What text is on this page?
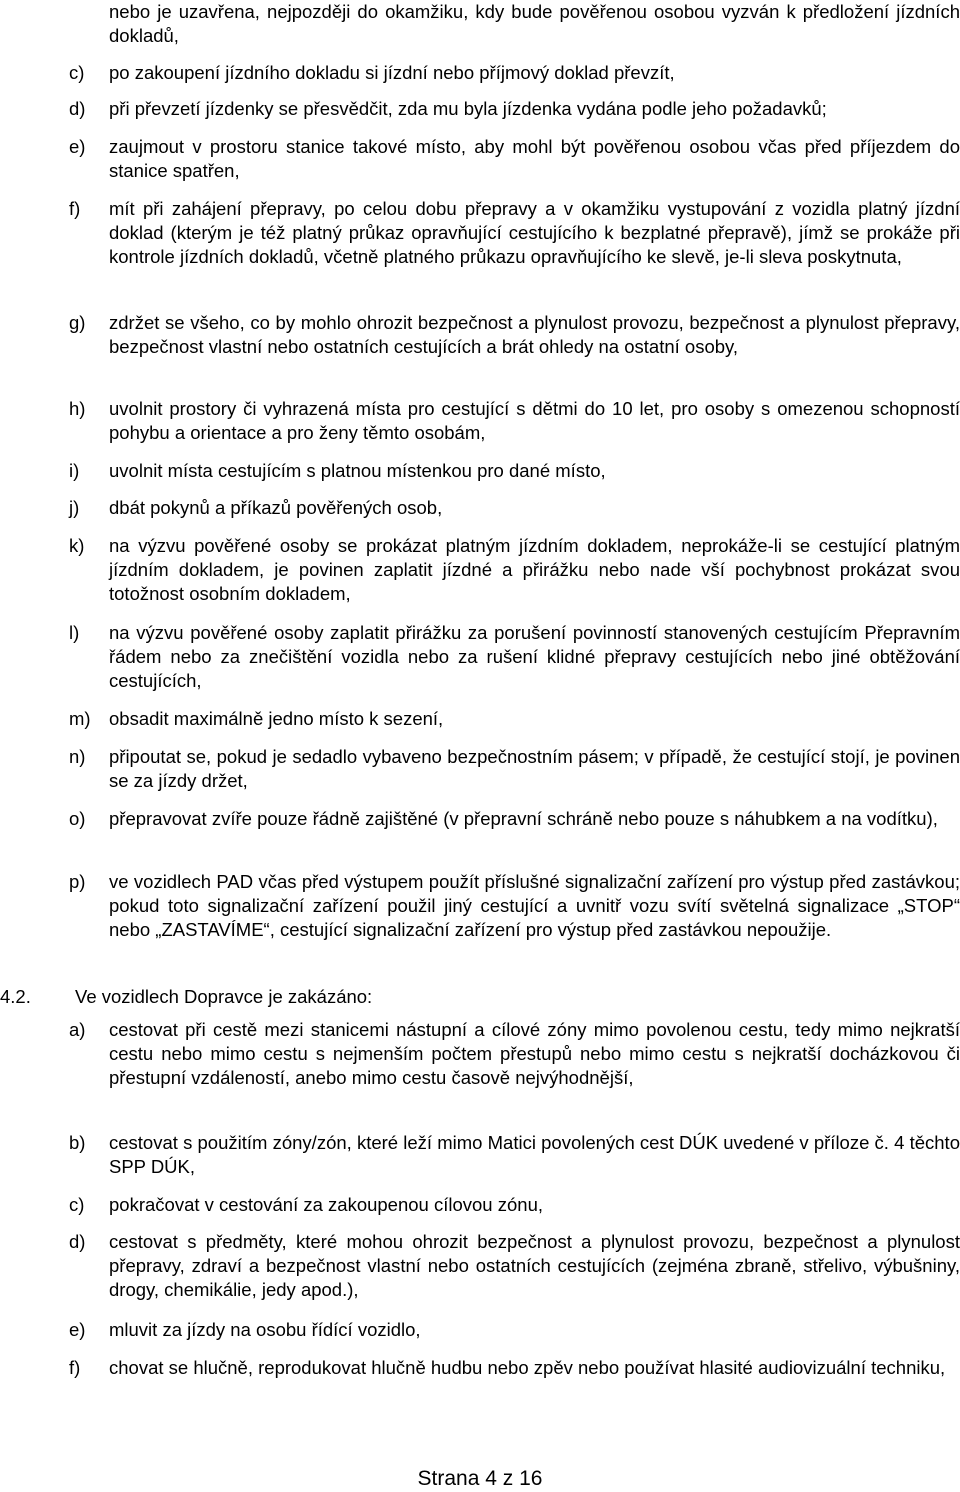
nebo je uzavřena, nejpozději do okamžiku, kdy bude pověřenou osobou vyzván k předložení jízdních dokladů,
c)	po zakoupení jízdního dokladu si jízdní nebo příjmový doklad převzít,
d)	při převzetí jízdenky se přesvědčit, zda mu byla jízdenka vydána podle jeho požadavků;
e)	zaujmout v prostoru stanice takové místo, aby mohl být pověřenou osobou včas před příjezdem do stanice spatřen,
f)	mít při zahájení přepravy, po celou dobu přepravy a v okamžiku vystupování z vozidla platný jízdní doklad (kterým je též platný průkaz opravňující cestujícího k bezplatné přepravě), jímž se prokáže při kontrole jízdních dokladů, včetně platného průkazu opravňujícího ke slevě, je-li sleva poskytnuta,
g)	zdržet se všeho, co by mohlo ohrozit bezpečnost a plynulost provozu, bezpečnost a plynulost přepravy, bezpečnost vlastní nebo ostatních cestujících a brát ohledy na ostatní osoby,
h)	uvolnit prostory či vyhrazená místa pro cestující s dětmi do 10 let, pro osoby s omezenou schopností pohybu a orientace a pro ženy těmto osobám,
i)	uvolnit místa cestujícím s platnou místenkou pro dané místo,
j)	dbát pokynů a příkazů pověřených osob,
k)	na výzvu pověřené osoby se prokázat platným jízdním dokladem, neprokáže-li se cestující platným jízdním dokladem, je povinen zaplatit jízdné a přirážku nebo nade vší pochybnost prokázat svou totožnost osobním dokladem,
l)	na výzvu pověřené osoby zaplatit přirážku za porušení povinností stanovených cestujícím Přepravním řádem nebo za znečištění vozidla nebo za rušení klidné přepravy cestujících nebo jiné obtěžování cestujících,
m) obsadit maximálně jedno místo k sezení,
n)	připoutat se, pokud je sedadlo vybaveno bezpečnostním pásem; v případě, že cestující stojí, je povinen se za jízdy držet,
o)	přepravovat zvíře pouze řádně zajištěné (v přepravní schráně nebo pouze s náhubkem a na vodítku),
p)	ve vozidlech PAD včas před výstupem použít příslušné signalizační zařízení pro výstup před zastávkou; pokud toto signalizační zařízení použil jiný cestující a uvnitř vozu svítí světelná signalizace „STOP“ nebo „ZASTAVÍME“, cestující signalizační zařízení pro výstup před zastávkou nepoužije.
4.2.	Ve vozidlech Dopravce je zakázáno:
a)	cestovat při cestě mezi stanicemi nástupní a cílové zóny mimo povolenou cestu, tedy mimo nejkratší cestu nebo mimo cestu s nejmenším počtem přestupů nebo mimo cestu s nejkratší docházkovou či přestupní vzdáleností, anebo mimo cestu časově nejvýhodnější,
b)	cestovat s použitím zóny/zón, které leží mimo Matici povolených cest DÚK uvedené v příloze č. 4 těchto SPP DÚK,
c)	pokračovat v cestování za zakoupenou cílovou zónu,
d)	cestovat s předměty, které mohou ohrozit bezpečnost a plynulost provozu, bezpečnost a plynulost přepravy, zdraví a bezpečnost vlastní nebo ostatních cestujících (zejména zbraně, střelivo, výbušniny, drogy, chemikálie, jedy apod.),
e)	mluvit za jízdy na osobu řídící vozidlo,
f)	chovat se hlučně, reprodukovat hlučně hudbu nebo zpěv nebo používat hlasité audiovizuální techniku,
Strana 4 z 16
